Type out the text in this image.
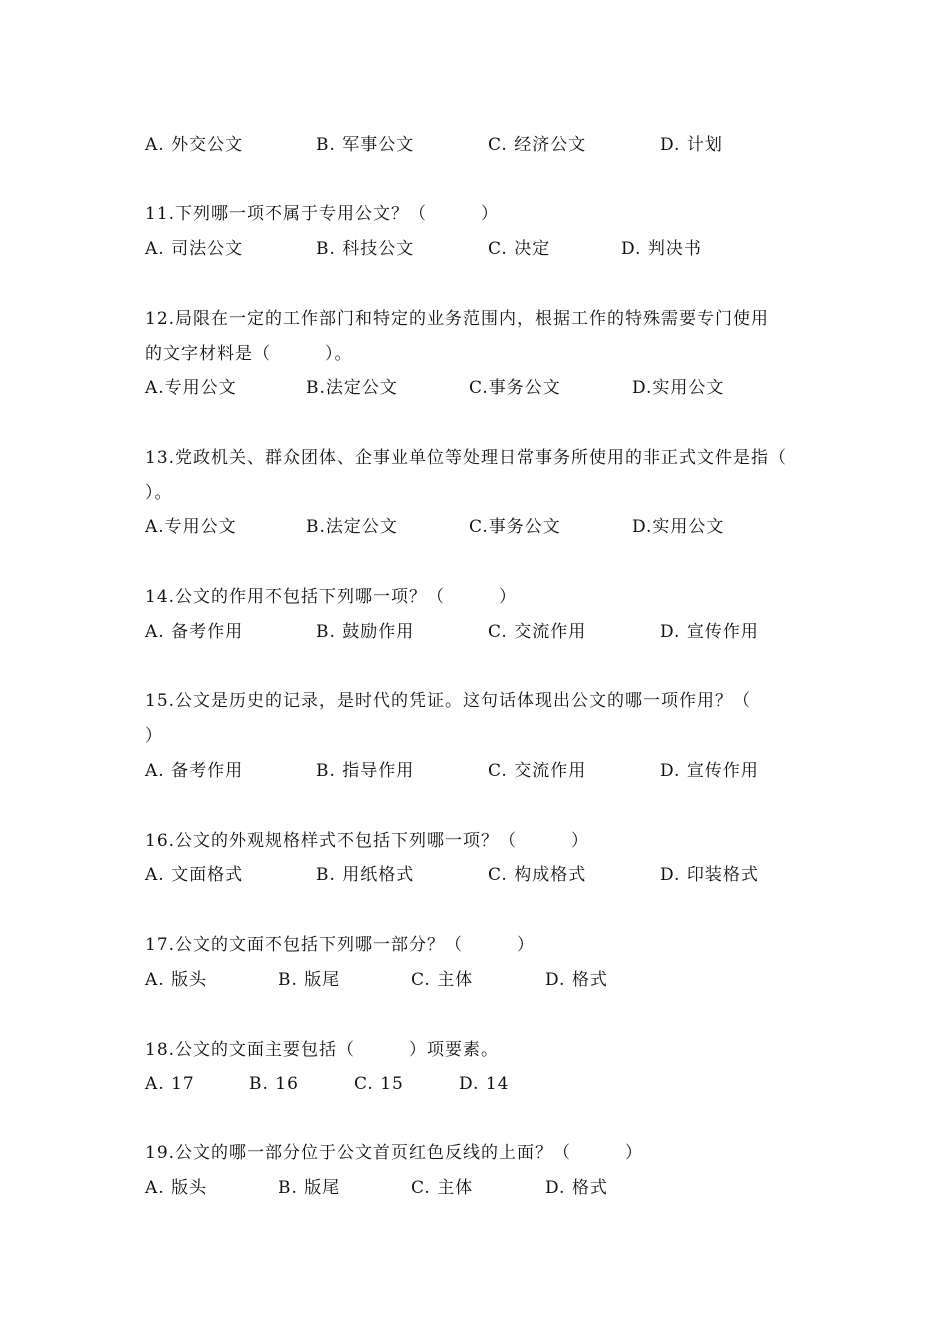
A. 外交公文	B. 军事公文	C. 经济公文	D. 计划
11.下列哪一项不属于专用公文？（　　　）
A. 司法公文	B. 科技公文	C. 决定	D. 判决书
12.局限在一定的工作部门和特定的业务范围内，根据工作的特殊需要专门使用
的文字材料是（　　　）。
A.专用公文	B.法定公文	C.事务公文	D.实用公文
13.党政机关、群众团体、企事业单位等处理日常事务所使用的非正式文件是指（
）。
A.专用公文	B.法定公文	C.事务公文	D.实用公文
14.公文的作用不包括下列哪一项？（　　　）
A. 备考作用	B. 鼓励作用	C. 交流作用	D. 宣传作用
15.公文是历史的记录，是时代的凭证。这句话体现出公文的哪一项作用？（
）
A. 备考作用	B. 指导作用	C. 交流作用	D. 宣传作用
16.公文的外观规格样式不包括下列哪一项？（　　　）
A. 文面格式	B. 用纸格式	C. 构成格式	D. 印装格式
17.公文的文面不包括下列哪一部分？（　　　）
A. 版头	B. 版尾	C. 主体	D. 格式
18.公文的文面主要包括（　　　）项要素。
A. 17	B. 16	C. 15	D. 14
19.公文的哪一部分位于公文首页红色反线的上面？（　　　）
A. 版头	B. 版尾	C. 主体	D. 格式
